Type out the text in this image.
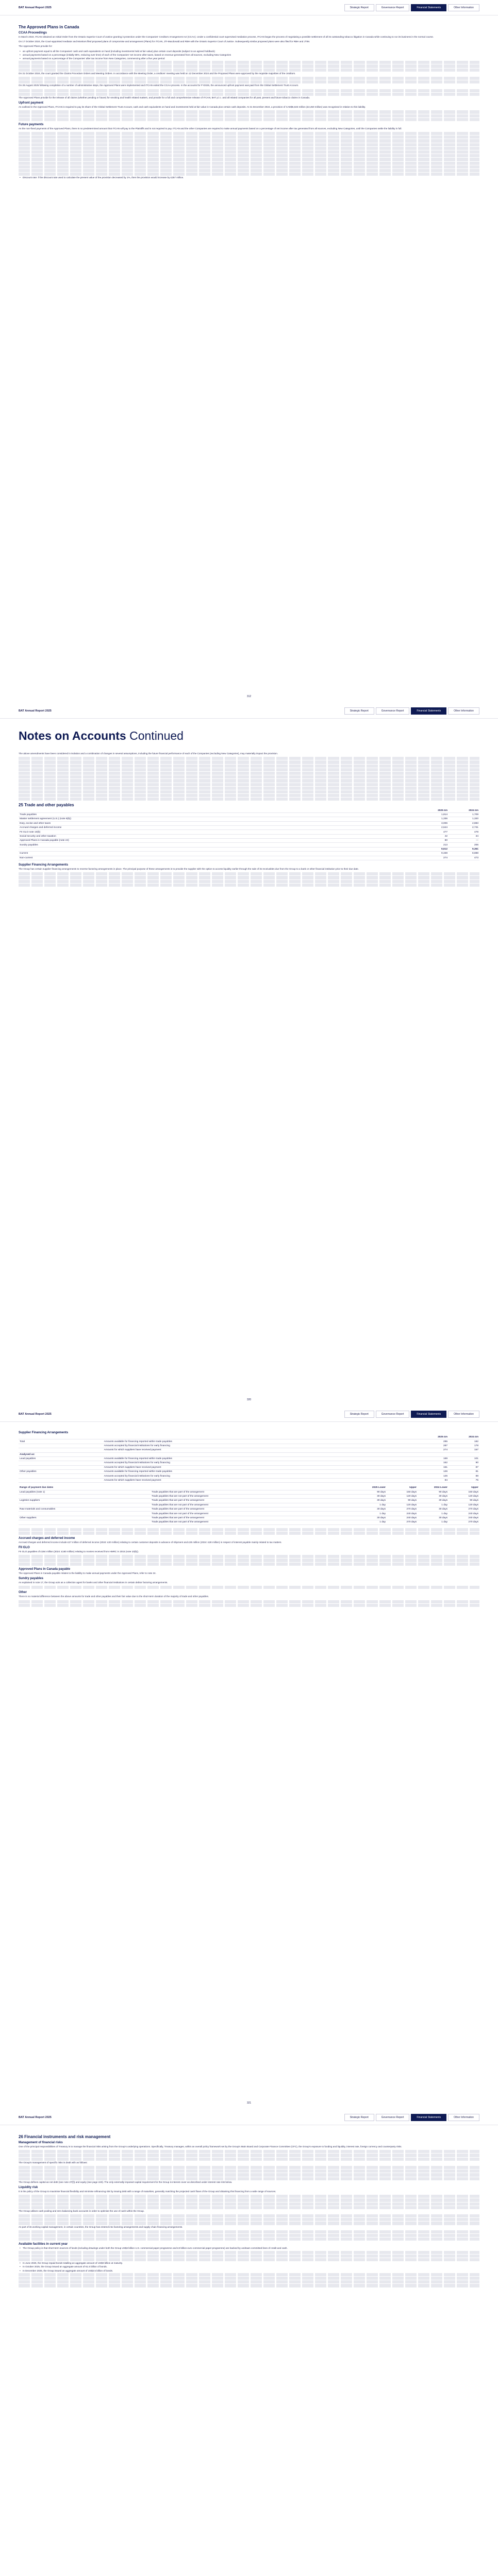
BAT Annual Report 2025	Strategic Report	Governance Report	Financial Statements	Other Information
The Approved Plans in Canada
CCAA Proceedings

In March 2019, ITCAN obtained an Initial Order from the Ontario Superior Court of Justice granting it protection under the Companies' Creditors Arrangement Act (CCAA). Under a confidential court supervised mediation process, ITCAN began the process of negotiating a possible settlement of all its outstanding tobacco litigation in Canada while continuing to run its business in the normal course.

On 17 October 2024, the Court-appointed mediator and Monitors filed proposed plans of compromise and arrangement (Plans) for ITCAN, JTI-Macdonald and RBH with the Ontario Superior Court of Justice. Subsequently similar proposed plans were also filed for RBH and JTIM.

The Approved Plans provide for:

• an upfront payment equal to all the Companies' cash and cash equivalents on hand (including investments held at fair value) plus certain court deposits (subject to an agreed holdback)
• annual payments based on a percentage (initially 85%, reducing over time) of each of the Companies' net income after taxes, based on revenue generated from all sources, excluding New Categories
• annual payments based on a percentage of the Companies' after tax income from New Categories, commencing after a five year period

On 31 October 2024, the court granted the Claims Procedure Orders and Meeting Orders. In accordance with the Meeting Order, a creditors' meeting was held on 12 December 2024 and the Proposed Plans were approved by the requisite majorities of the creditors.

On 28 August 2025 following completion of a number of administrative steps, the Approved Plans were implemented and ITCAN exited the CCAA process. In the accounts for FY2025, the announced upfront payment was paid from the Global Settlement Trust Account.

The Approved Plans provide for the release of all claims (whether pending or future) for smoking and health related matters, and provide for a full and comprehensive release of ITCAN, BAT p.l.c. and all related companies for all past, present and future tobacco claims in Canada.

Upfront payment

As outlined in the Approved Plans, ITCAN is required to pay its share of the Global Settlement Trust Account, cash and cash equivalents on hand and investments held at fair value in Canada plus certain cash deposits. At 31 December 2024, a provision of CAD$5,633 million (£3,450 million) was recognised in relation to this liability.

Future payments

As the non-fixed payments of the Approved Plans, there is no predetermined amount that ITCAN will pay to the Plaintiffs and is not required to pay. ITCAN and the other Companies are required to make annual payments based on a percentage of net income after tax generated from all sources, excluding New Categories, until the Companies settle the liability in full.

• Discount rate: if the discount rate used to calculate the present value of the provision decreased by 1%, then the provision would increase by £257 million.
312
BAT Annual Report 2025	Strategic Report	Governance Report	Financial Statements	Other Information
Notes on Accounts Continued

The above amendments have been considered in isolation and a combination of changes in several assumptions, including the future financial performance of each of the Companies (excluding New Categories), may materially impact the provision.

25 Trade and other payables
	2025 £m	2024 £m
Trade payables	1,814	1,709
Master settlement agreement (U.S.) (note 6(b))	1,336	1,320
Duty, excise and other taxes	3,006	2,883
Accrued charges and deferred income	2,644	2,731
FII GLO note 10(b)	477	478
Social security and other taxation	42	34
Approved Plans in Canada payable (note 24)	80	—
Sundry payables	213	206
	9,612	9,361
Current	9,338	8,888
Non-current	274	473
Supplier Financing Arrangements

The Group has certain supplier financing arrangements to reverse factoring arrangements in place. The principal purpose of these arrangements is to provide the supplier with the option to access liquidity earlier through the sale of its receivables due from the Group to a bank or other financial institution prior to their due date.

320
BAT Annual Report 2025	Strategic Report	Governance Report	Financial Statements	Other Information
Supplier Financing Arrangements
		2025 £m	2024 £m
Total	Amounts available for financing reported within trade payables	295	182
	Amounts accepted by financial institutions for early financing	287	178
	Amounts for which suppliers have received payment	274	157
Analysed as:			
Lead payables	Amounts available for financing reported within trade payables	169	101
	Amounts accepted by financial institutions for early financing	162	90
	Amounts for which suppliers have received payment	151	87
Other payables	Amounts available for financing reported within trade payables	126	81
	Amounts accepted by financial institutions for early financing	125	88
	Amounts for which suppliers have received payment	84	75
Range of payment due dates		2025 Lower	Upper	2024 Lower	Upper
Lead payables (note 1)	Trade payables that are part of the arrangement	90 days	150 days	90 days	150 days
	Trade payables that are not part of the arrangement	30 days	120 days	30 days	120 days
Logistics suppliers	Trade payables that are part of the arrangement	30 days	90 days	30 days	90 days
	Trade payables that are not part of the arrangement	1 day	120 days	1 day	120 days
Raw materials and consumables	Trade payables that are part of the arrangement	30 days	270 days	30 days	270 days
	Trade payables that are not part of the arrangement	1 day	240 days	1 day	240 days
Other suppliers	Trade payables that are part of the arrangement	30 days	240 days	30 days	240 days
	Trade payables that are not part of the arrangement	1 day	270 days	1 day	270 days
Accrued charges and deferred income

Accrued charges and deferred income include £27 million of deferred income (2024: £20 million) relating to certain customer deposits in advance of shipment and £25 million (2024: £28 million) in respect of interest payable mainly related to tax matters.

FII GLO

FII GLO payables of £184 million (2024: £180 million) relating to monies received from HMRC in 2015 (note 10(b)).

Approved Plans in Canada payable

The Approved Plans in Canada payable relates to the liability to make annual payments under the Approved Plans, refer to note 24.

Sundry payables

As explained in note 17, the Group acts as a collection agent for banks and other financial institutions in certain debtor factoring arrangements.

Other

There is no material difference between the above amounts for trade and other payables and their fair value due to the short-term duration of the majority of trade and other payables.

321
BAT Annual Report 2025	Strategic Report	Governance Report	Financial Statements	Other Information
26 Financial instruments and risk management
Management of financial risks

One of the principal responsibilities of Treasury is to manage the financial risks arising from the Group's underlying operations. Specifically, Treasury manages, within an overall policy framework set by the Group's Main Board and Corporate Finance Committee (CFC), the Group's exposure to funding and liquidity, interest rate, foreign currency and counterparty risks.

The Group's management of specific risks is dealt with as follows:

The Group defines capital as net debt (see note 27(f)) and equity (see page 240). The only externally imposed capital requirement for the Group is interest cover as described under interest rate risk below.

Liquidity risk

It is the policy of the Group to maximise financial flexibility and minimise refinancing risk by issuing debt with a range of maturities, generally matching the projected cash flows of the Group and obtaining this financing from a wide range of sources.

The Group utilises cash pooling and zero balancing bank accounts in order to optimise the use of cash within the Group.

As part of its working capital management, in certain countries, the Group has entered into factoring arrangements and supply chain financing arrangements.

Available facilities in current year
• The Group policy is that short-term sources of funds (including drawings under both the Group US$4 billion U.S. commercial paper programme and £3 billion euro commercial paper programme) are backed by undrawn committed lines of credit and cash.
• In June 2025, the Group repaid bonds totalling an aggregate amount of US$3 billion at maturity.
• In October 2025, the Group issued an aggregate amount of €1.5 billion of bonds.
• In December 2025, the Group issued an aggregate amount of US$2.5 billion of bonds.
